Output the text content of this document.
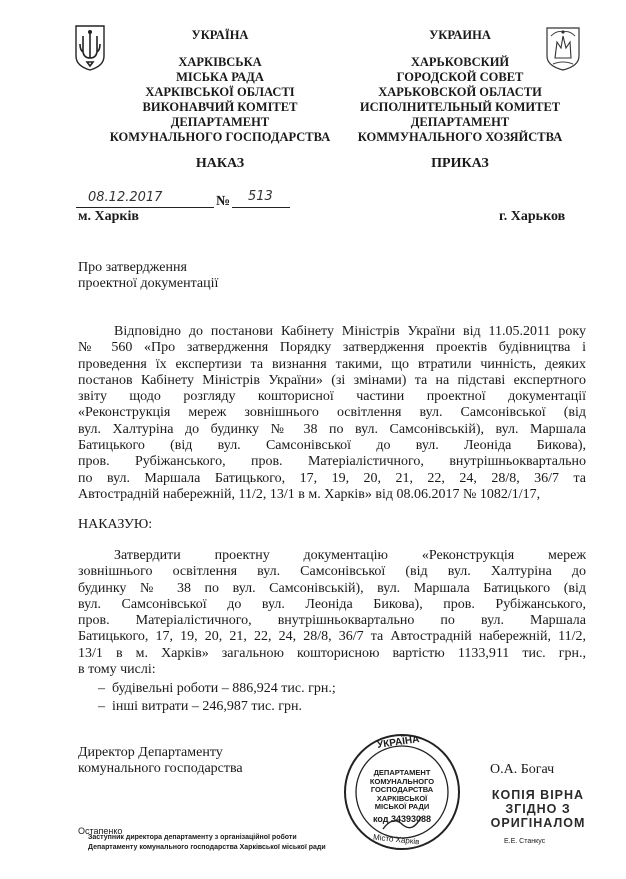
УКРАЇНА
ХАРКІВСЬКА
МІСЬКА РАДА
ХАРКІВСЬКОЇ ОБЛАСТІ
ВИКОНАВЧИЙ КОМІТЕТ
ДЕПАРТАМЕНТ
КОМУНАЛЬНОГО ГОСПОДАРСТВА
НАКАЗ
УКРАИНА
ХАРЬКОВСКИЙ
ГОРОДСКОЙ СОВЕТ
ХАРЬКОВСКОЙ ОБЛАСТИ
ИСПОЛНИТЕЛЬНЫЙ КОМИТЕТ
ДЕПАРТАМЕНТ
КОММУНАЛЬНОГО ХОЗЯЙСТВА
ПРИКАЗ
08.12.2017	№ 513
м. Харків	г. Харьков
Про затвердження
проектної документації
Відповідно до постанови Кабінету Міністрів України від 11.05.2011 року
№ 560 «Про затвердження Порядку затвердження проектів будівництва і
проведення їх експертизи та визнання такими, що втратили чинність, деяких
постанов Кабінету Міністрів України» (зі змінами) та на підставі експертного
звіту щодо розгляду кошторисної частини проектної документації
«Реконструкція мереж зовнішнього освітлення вул. Самсонівської (від
вул. Халтуріна до будинку № 38 по вул. Самсонівській), вул. Маршала
Батицького (від вул. Самсонівської до вул. Леоніда Бикова),
пров. Рубіжанського, пров. Матеріалістичного, внутрішньоквартально
по вул. Маршала Батицького, 17, 19, 20, 21, 22, 24, 28/8, 36/7 та
Автострадній набережній, 11/2, 13/1 в м. Харків» від 08.06.2017 № 1082/1/17,
НАКАЗУЮ:
Затвердити проектну документацію «Реконструкція мереж
зовнішнього освітлення вул. Самсонівської (від вул. Халтуріна до
будинку № 38 по вул. Самсонівській), вул. Маршала Батицького (від
вул. Самсонівської до вул. Леоніда Бикова), пров. Рубіжанського,
пров. Матеріалістичного, внутрішньоквартально по вул. Маршала
Батицького, 17, 19, 20, 21, 22, 24, 28/8, 36/7 та Автострадній набережній, 11/2,
13/1 в м. Харків» загальною кошторисною вартістю 1133,911 тис. грн.,
в тому числі:
– будівельні роботи – 886,924 тис. грн.;
– інші витрати – 246,987 тис. грн.
Директор Департаменту
комунального господарства	О.А. Богач
УКРАЇНА
Місто Харків
ДЕПАРТАМЕНТ
КОМУНАЛЬНОГО
ГОСПОДАРСТВА
ХАРКІВСЬКОЇ
МІСЬКОЇ РАДИ
код 34393088
КОПІЯ ВІРНА
ЗГІДНО З
ОРИГІНАЛОМ
Е.Е. Станкус
Остапенко
Заступник директора департаменту з організаційної роботи
Департаменту комунального господарства Харківської міської ради
